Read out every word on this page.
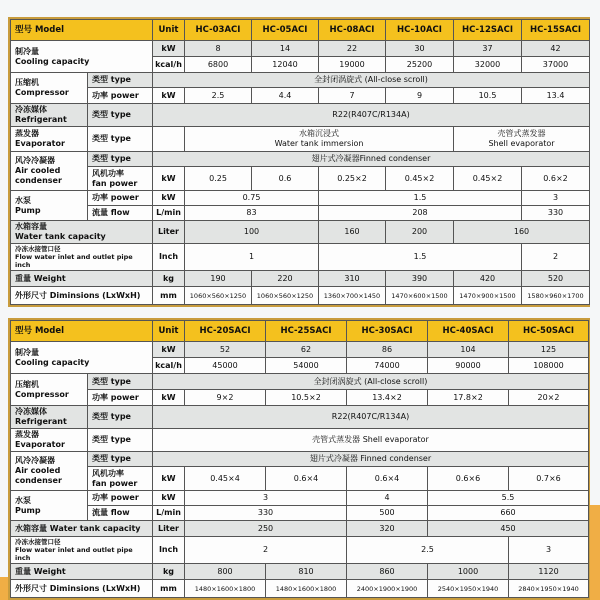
型号 Model		Unit	HC-03ACI	HC-05ACI	HC-08ACI	HC-10ACI	HC-12SACI	HC-15SACI
制冷量
Cooling capacity		kW	8	14	22	30	37	42
		kcal/h	6800	12040	19000	25200	32000	37000
压缩机
Compressor	类型 type	全封闭涡旋式 (All-close scroll)						
	功率 power	kW	2.5	4.4	7	9	10.5	13.4
冷冻媒体
Refrigerant	类型 type	R22(R407C/R134A)						
蒸发器
Evaporator	类型 type		水箱沉浸式
Water tank immersion				壳管式蒸发器
Shell evaporator	
风冷冷凝器
Air cooled
condenser	类型 type	翅片式冷凝器Finned condenser						
	风机功率
fan power	kW	0.25	0.6	0.25×2	0.45×2	0.45×2	0.6×2
水泵
Pump	功率 power	kW	0.75		1.5			3
	流量 flow	L/min	83		208			330
水箱容量
Water tank capacity		Liter	100		160	200	160	
冷冻水接管口径
Flow water inlet and outlet pipe inch		Inch	1		1.5			2
重量 Weight		kg	190	220	310	390	420	520
外形尺寸 Diminsions (LxWxH)		mm	1060×560×1250	1060×560×1250	1360×700×1450	1470×600×1500	1470×900×1500	1580×960×1700
型号 Model		Unit	HC-20SACI	HC-25SACI	HC-30SACI	HC-40SACI	HC-50SACI
制冷量
Cooling capacity		kW	52	62	86	104	125
		kcal/h	45000	54000	74000	90000	108000
压缩机
Compressor	类型 type	全封闭涡旋式 (All-close scroll)					
	功率 power	kW	9×2	10.5×2	13.4×2	17.8×2	20×2
冷冻媒体
Refrigerant	类型 type	R22(R407C/R134A)					
蒸发器
Evaporator	类型 type	壳管式蒸发器 Shell evaporator					
风冷冷凝器
Air cooled
condenser	类型 type	翅片式冷凝器 Finned condenser					
	风机功率
fan power	kW	0.45×4	0.6×4	0.6×4	0.6×6	0.7×6
水泵
Pump	功率 power	kW	3		4	5.5	
	流量 flow	L/min	330		500	660	
水箱容量 Water tank capacity		Liter	250		320	450	
冷冻水接管口径
Flow water inlet and outlet pipe inch		Inch	2		2.5		3
重量 Weight		kg	800	810	860	1000	1120
外形尺寸 Diminsions (LxWxH)		mm	1480×1600×1800	1480×1600×1800	2400×1900×1900	2540×1950×1940	2840×1950×1940
